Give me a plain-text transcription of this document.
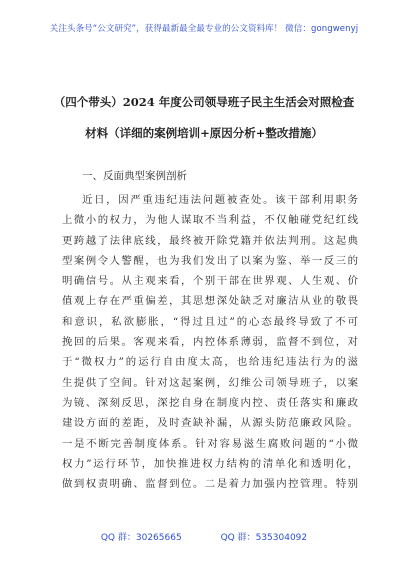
关注头条号“公文研究”，获得最新最全最专业的公文资料库！ 微信：gongwenyj
（四个带头）2024 年度公司领导班子民主生活会对照检查
材料（详细的案例培训+原因分析+整改措施）
一、反面典型案例剖析
近日，因严重违纪违法问题被查处。该干部利用职务
上微小的权力，为他人谋取不当利益，不仅触碰党纪红线
更跨越了法律底线，最终被开除党籍并依法判刑。这起典
型案例令人警醒，也为我们发出了以案为鉴、举一反三的
明确信号。从主观来看，个别干部在世界观、人生观、价
值观上存在严重偏差，其思想深处缺乏对廉洁从业的敬畏
和意识，私欲膨胀，“得过且过”的心态最终导致了不可
挽回的后果。客观来看，内控体系薄弱，监督不到位，对
于“微权力”的运行自由度太高，也给违纪违法行为的滋
生提供了空间。针对这起案例，幻维公司领导班子，以案
为镜、深刻反思，深挖自身在制度内控、责任落实和廉政
建设方面的差距，及时查缺补漏，从源头防范廉政风险。
一是不断完善制度体系。针对容易滋生腐败问题的“小微
权力”运行环节，加快推进权力结构的清单化和透明化，
做到权责明确、监督到位。二是着力加强内控管理。特别
QQ 群：30265665	QQ 群：535304092
